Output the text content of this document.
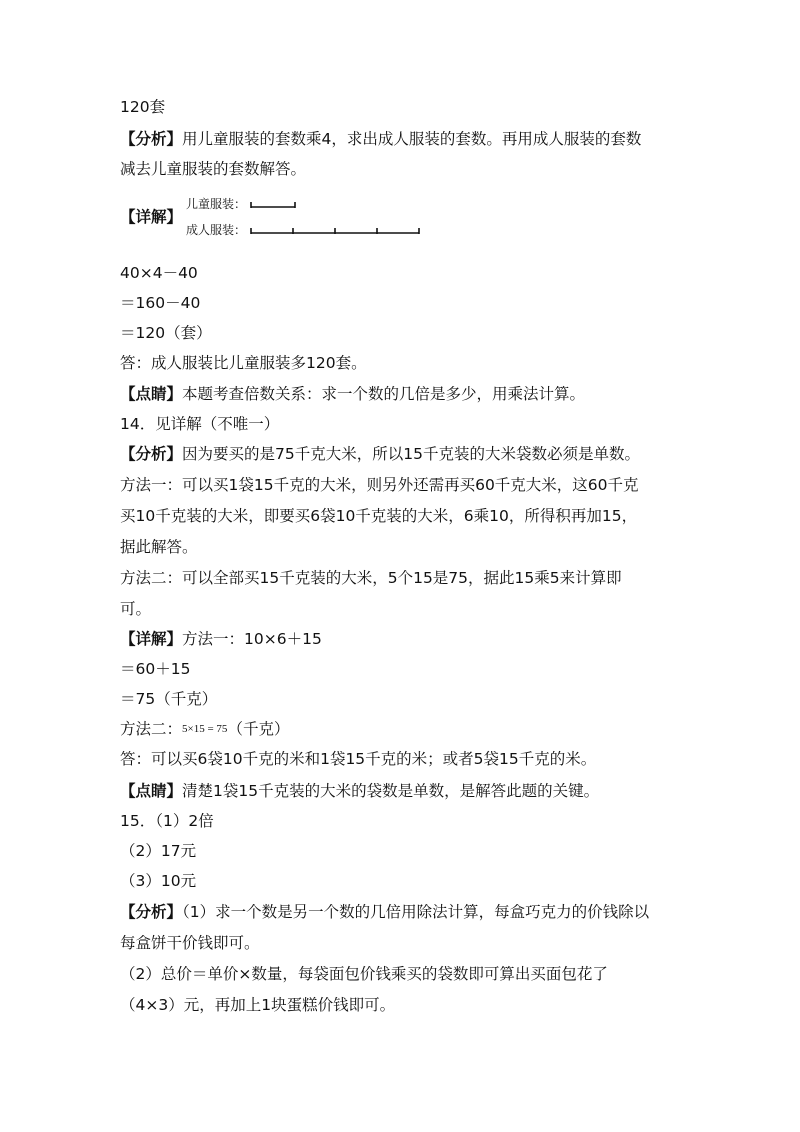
120套
【分析】用儿童服装的套数乘4，求出成人服装的套数。再用成人服装的套数
减去儿童服装的套数解答。
【详解】
儿童服装：
成人服装：
40×4－40
＝160－40
＝120（套）
答：成人服装比儿童服装多120套。
【点睛】本题考查倍数关系：求一个数的几倍是多少，用乘法计算。
14．见详解（不唯一）
【分析】因为要买的是75千克大米，所以15千克装的大米袋数必须是单数。
方法一：可以买1袋15千克的大米，则另外还需再买60千克大米，这60千克
买10千克装的大米，即要买6袋10千克装的大米，6乘10，所得积再加15，
据此解答。
方法二：可以全部买15千克装的大米，5个15是75，据此15乘5来计算即
可。
【详解】方法一：10×6＋15
＝60＋15
＝75（千克）
方法二：5×15 = 75（千克）
答：可以买6袋10千克的米和1袋15千克的米；或者5袋15千克的米。
【点睛】清楚1袋15千克装的大米的袋数是单数，是解答此题的关键。
15．（1）2倍
（2）17元
（3）10元
【分析】（1）求一个数是另一个数的几倍用除法计算，每盒巧克力的价钱除以
每盒饼干价钱即可。
（2）总价＝单价×数量，每袋面包价钱乘买的袋数即可算出买面包花了
（4×3）元，再加上1块蛋糕价钱即可。
